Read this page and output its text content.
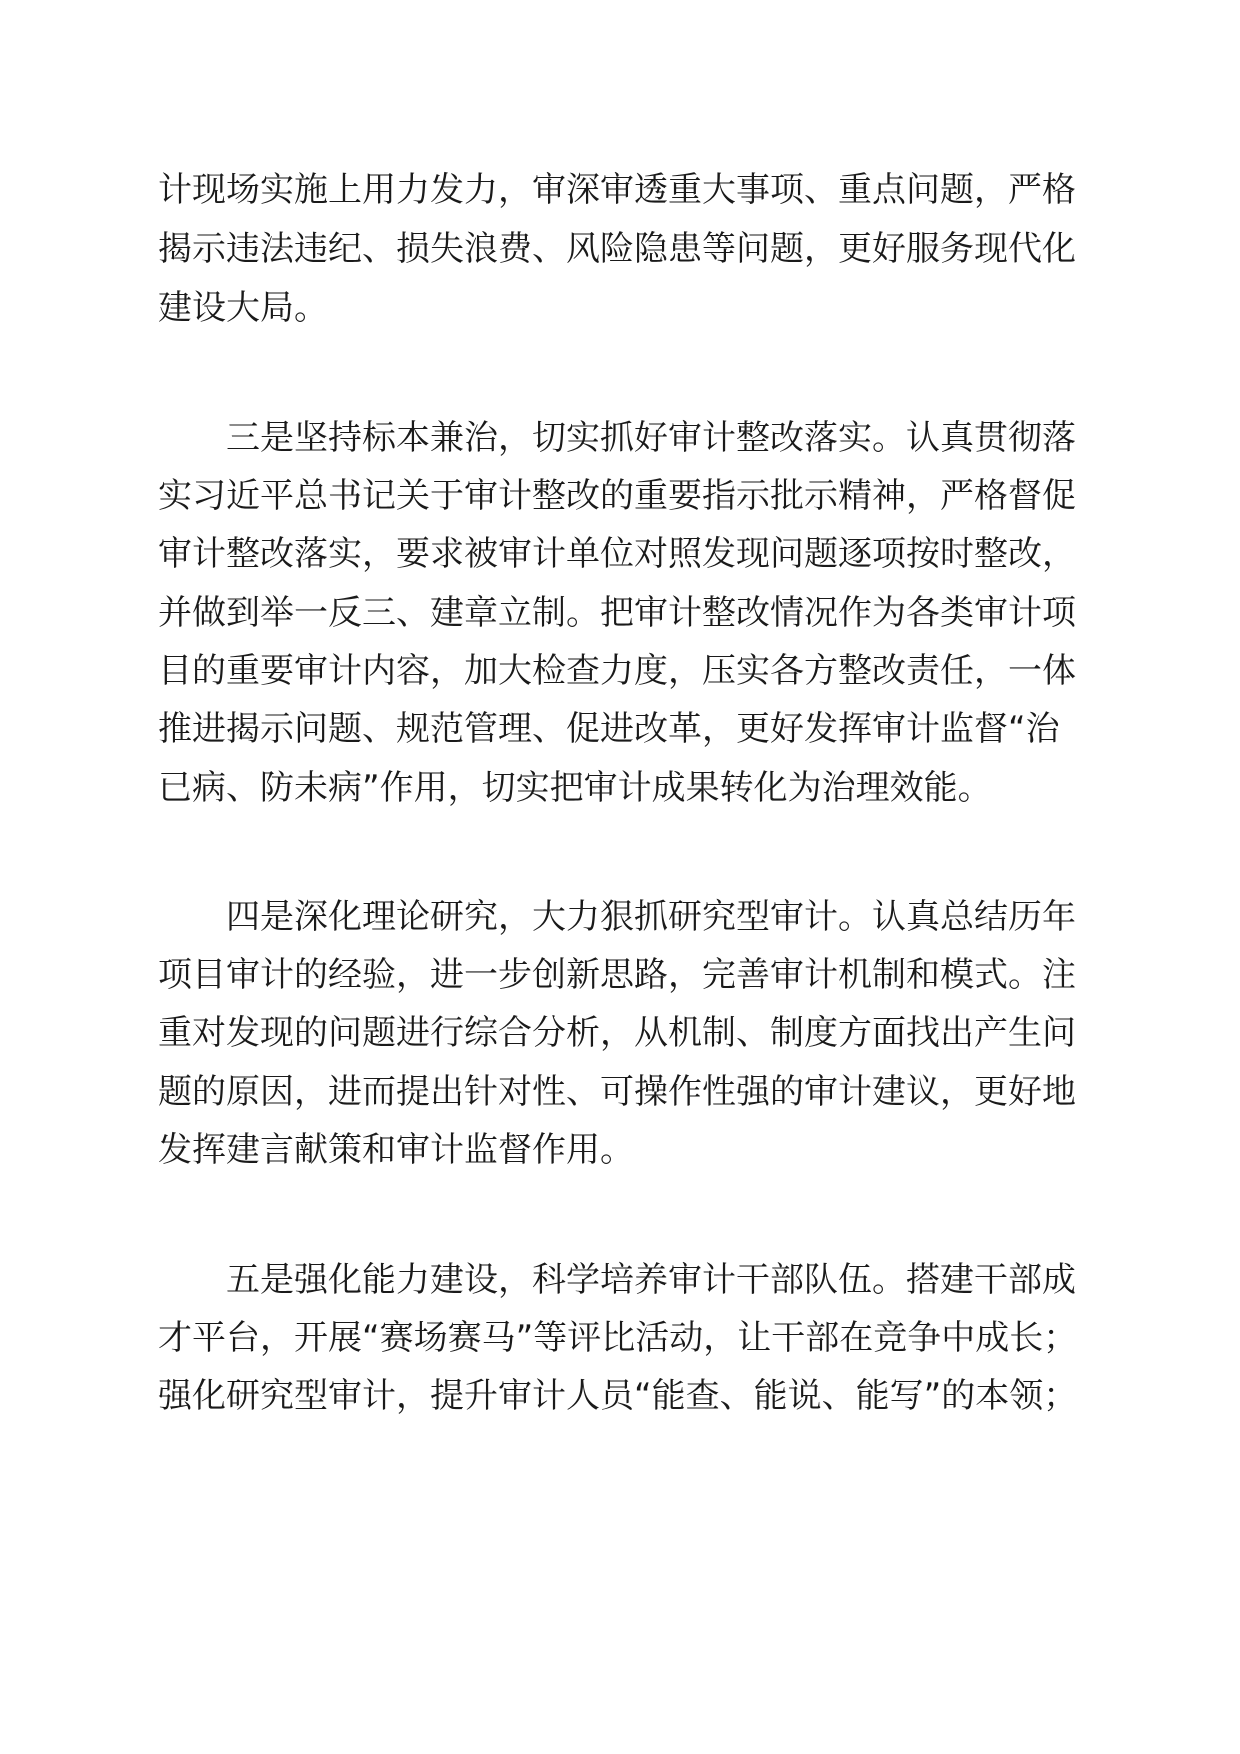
计现场实施上用力发力，审深审透重大事项、重点问题，严格
揭示违法违纪、损失浪费、风险隐患等问题，更好服务现代化
建设大局。
三是坚持标本兼治，切实抓好审计整改落实。认真贯彻落
实习近平总书记关于审计整改的重要指示批示精神，严格督促
审计整改落实，要求被审计单位对照发现问题逐项按时整改，
并做到举一反三、建章立制。把审计整改情况作为各类审计项
目的重要审计内容，加大检查力度，压实各方整改责任，一体
推进揭示问题、规范管理、促进改革，更好发挥审计监督“治
已病、防未病”作用，切实把审计成果转化为治理效能。
四是深化理论研究，大力狠抓研究型审计。认真总结历年
项目审计的经验，进一步创新思路，完善审计机制和模式。注
重对发现的问题进行综合分析，从机制、制度方面找出产生问
题的原因，进而提出针对性、可操作性强的审计建议，更好地
发挥建言献策和审计监督作用。
五是强化能力建设，科学培养审计干部队伍。搭建干部成
才平台，开展“赛场赛马”等评比活动，让干部在竞争中成长；
强化研究型审计，提升审计人员“能查、能说、能写”的本领；
